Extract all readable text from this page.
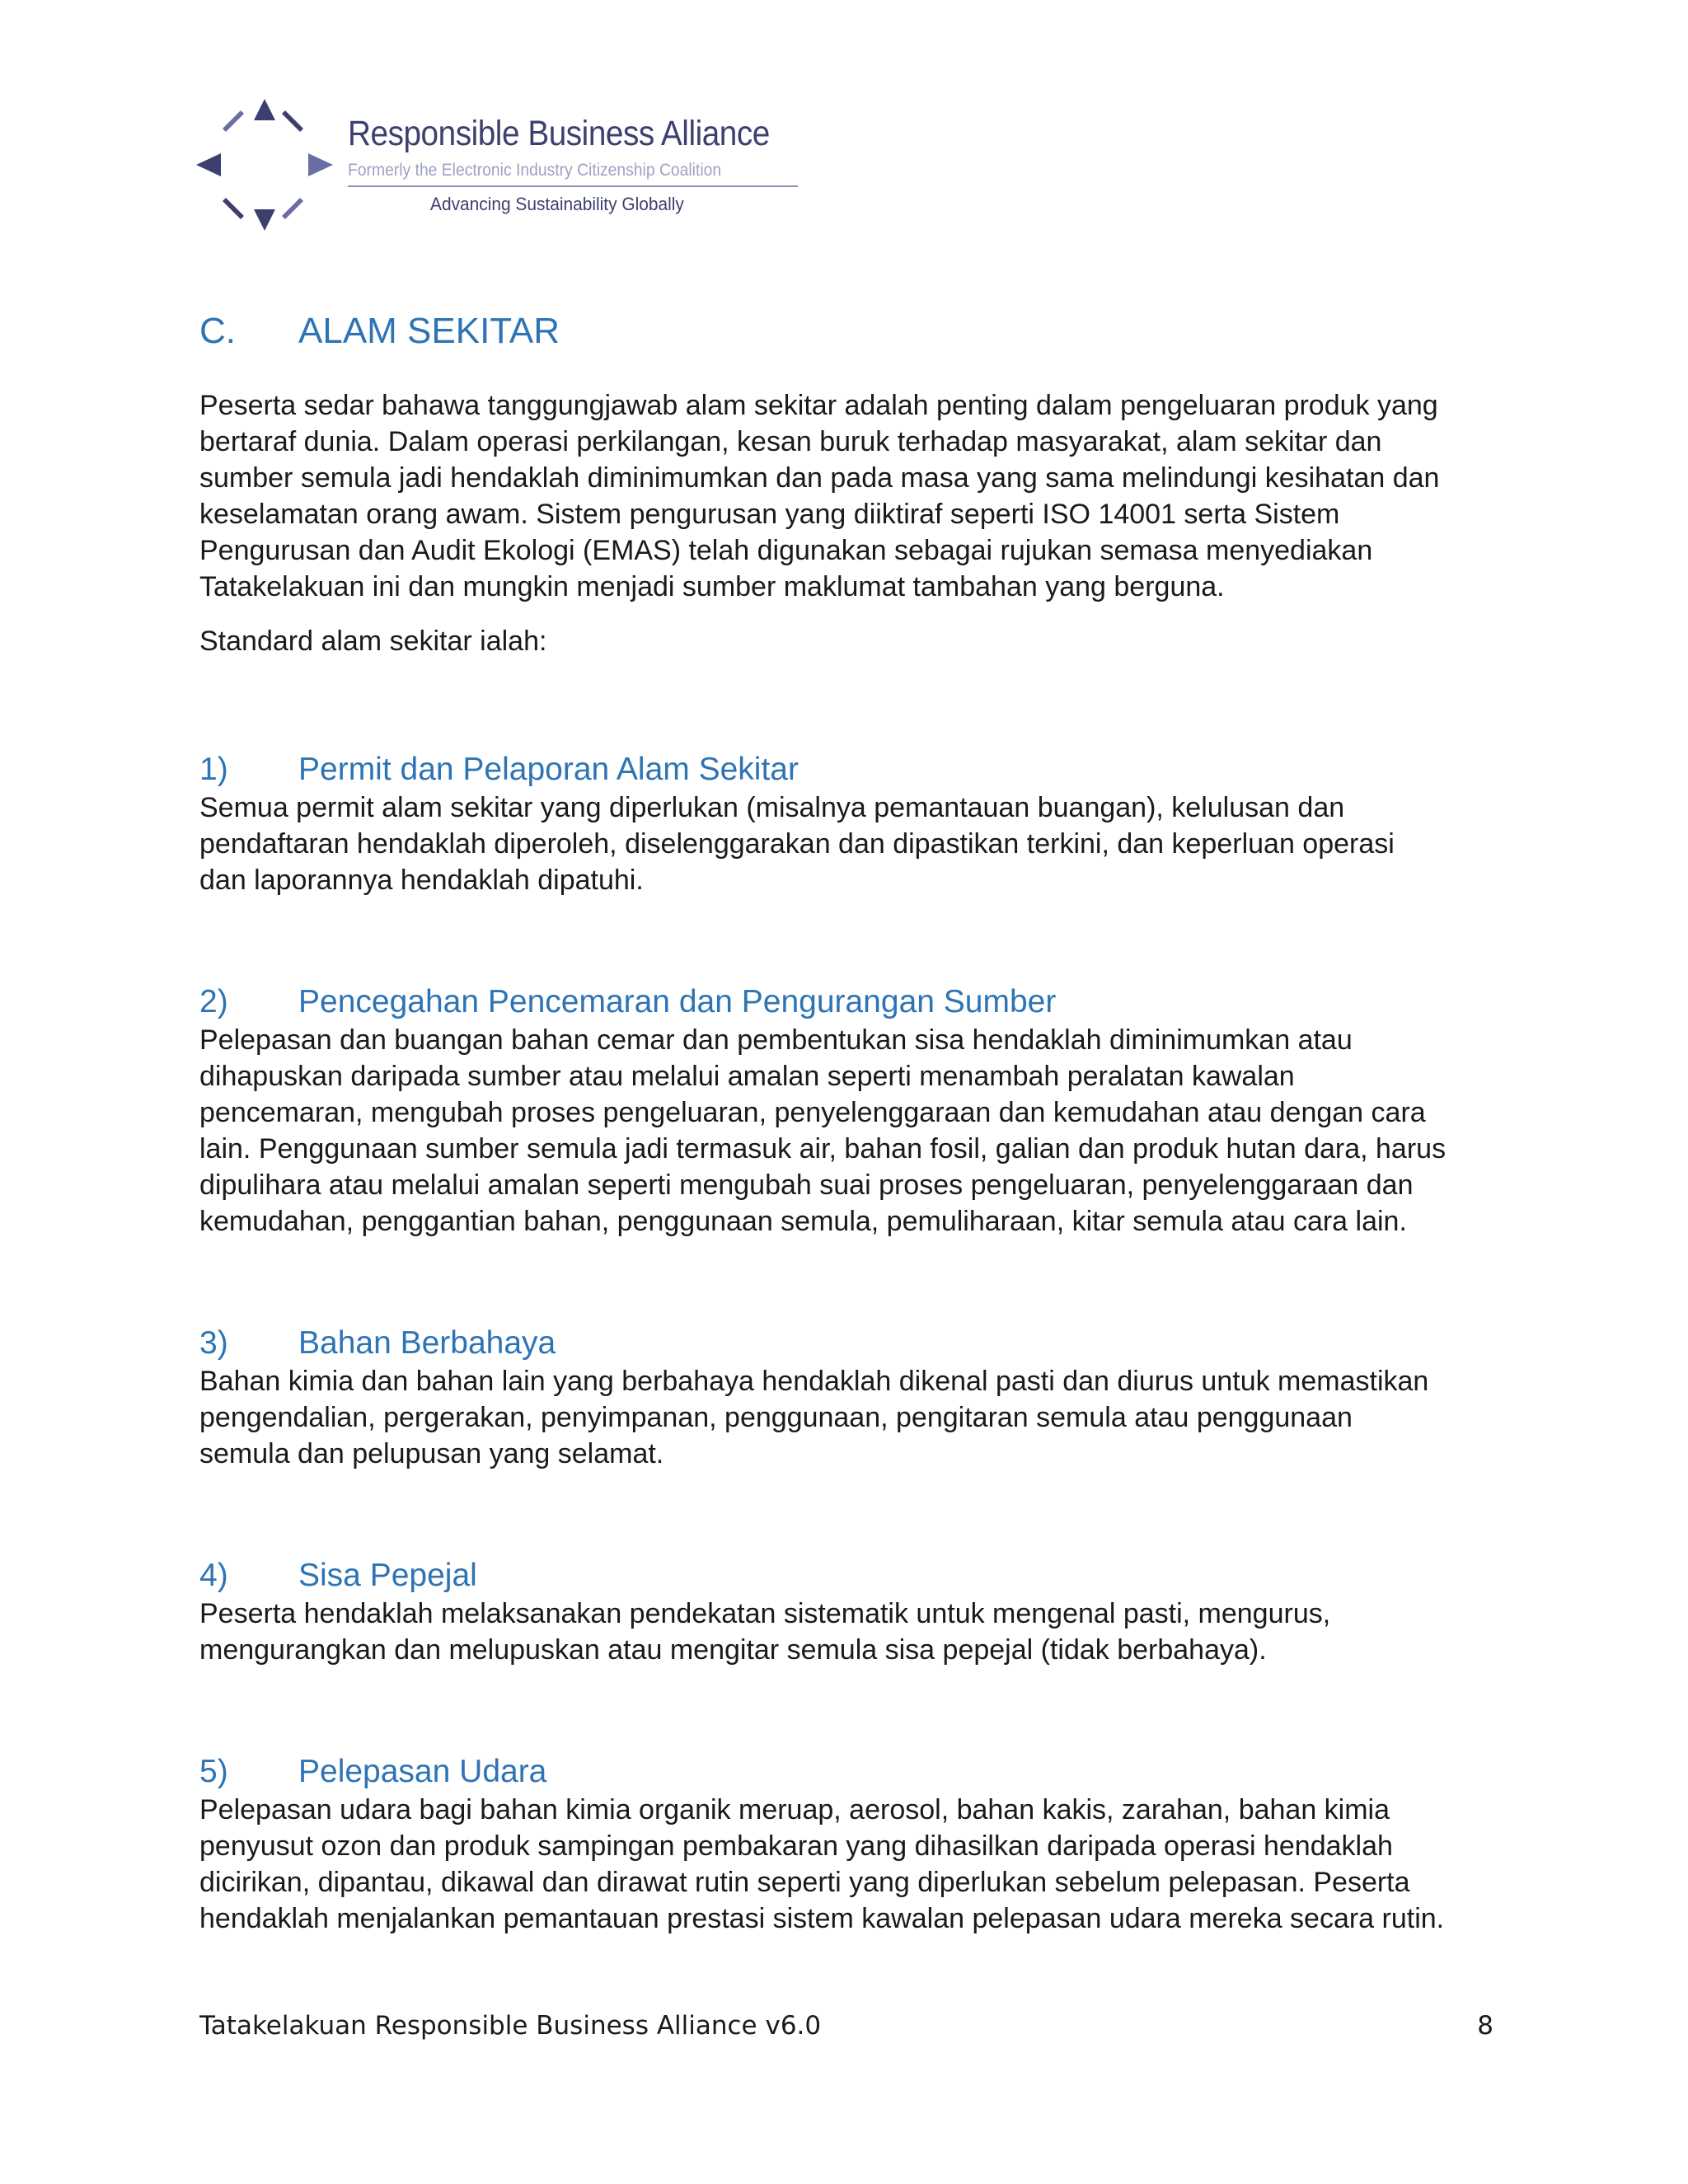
Responsible Business Alliance
Formerly the Electronic Industry Citizenship Coalition
Advancing Sustainability Globally
C.	ALAM SEKITAR

Peserta sedar bahawa tanggungjawab alam sekitar adalah penting dalam pengeluaran produk yang

bertaraf dunia. Dalam operasi perkilangan, kesan buruk terhadap masyarakat, alam sekitar dan

sumber semula jadi hendaklah diminimumkan dan pada masa yang sama melindungi kesihatan dan

keselamatan orang awam. Sistem pengurusan yang diiktiraf seperti ISO 14001 serta Sistem

Pengurusan dan Audit Ekologi (EMAS) telah digunakan sebagai rujukan semasa menyediakan

Tatakelakuan ini dan mungkin menjadi sumber maklumat tambahan yang berguna.

Standard alam sekitar ialah:

1)	Permit dan Pelaporan Alam Sekitar

Semua permit alam sekitar yang diperlukan (misalnya pemantauan buangan), kelulusan dan

pendaftaran hendaklah diperoleh, diselenggarakan dan dipastikan terkini, dan keperluan operasi

dan laporannya hendaklah dipatuhi.

2)	Pencegahan Pencemaran dan Pengurangan Sumber

Pelepasan dan buangan bahan cemar dan pembentukan sisa hendaklah diminimumkan atau

dihapuskan daripada sumber atau melalui amalan seperti menambah peralatan kawalan

pencemaran, mengubah proses pengeluaran, penyelenggaraan dan kemudahan atau dengan cara

lain. Penggunaan sumber semula jadi termasuk air, bahan fosil, galian dan produk hutan dara, harus

dipulihara atau melalui amalan seperti mengubah suai proses pengeluaran, penyelenggaraan dan

kemudahan, penggantian bahan, penggunaan semula, pemuliharaan, kitar semula atau cara lain.

3)	Bahan Berbahaya

Bahan kimia dan bahan lain yang berbahaya hendaklah dikenal pasti dan diurus untuk memastikan

pengendalian, pergerakan, penyimpanan, penggunaan, pengitaran semula atau penggunaan

semula dan pelupusan yang selamat.

4)	Sisa Pepejal

Peserta hendaklah melaksanakan pendekatan sistematik untuk mengenal pasti, mengurus,

mengurangkan dan melupuskan atau mengitar semula sisa pepejal (tidak berbahaya).

5)	Pelepasan Udara

Pelepasan udara bagi bahan kimia organik meruap, aerosol, bahan kakis, zarahan, bahan kimia

penyusut ozon dan produk sampingan pembakaran yang dihasilkan daripada operasi hendaklah

dicirikan, dipantau, dikawal dan dirawat rutin seperti yang diperlukan sebelum pelepasan. Peserta

hendaklah menjalankan pemantauan prestasi sistem kawalan pelepasan udara mereka secara rutin.

Tatakelakuan Responsible Business Alliance v6.0	8
